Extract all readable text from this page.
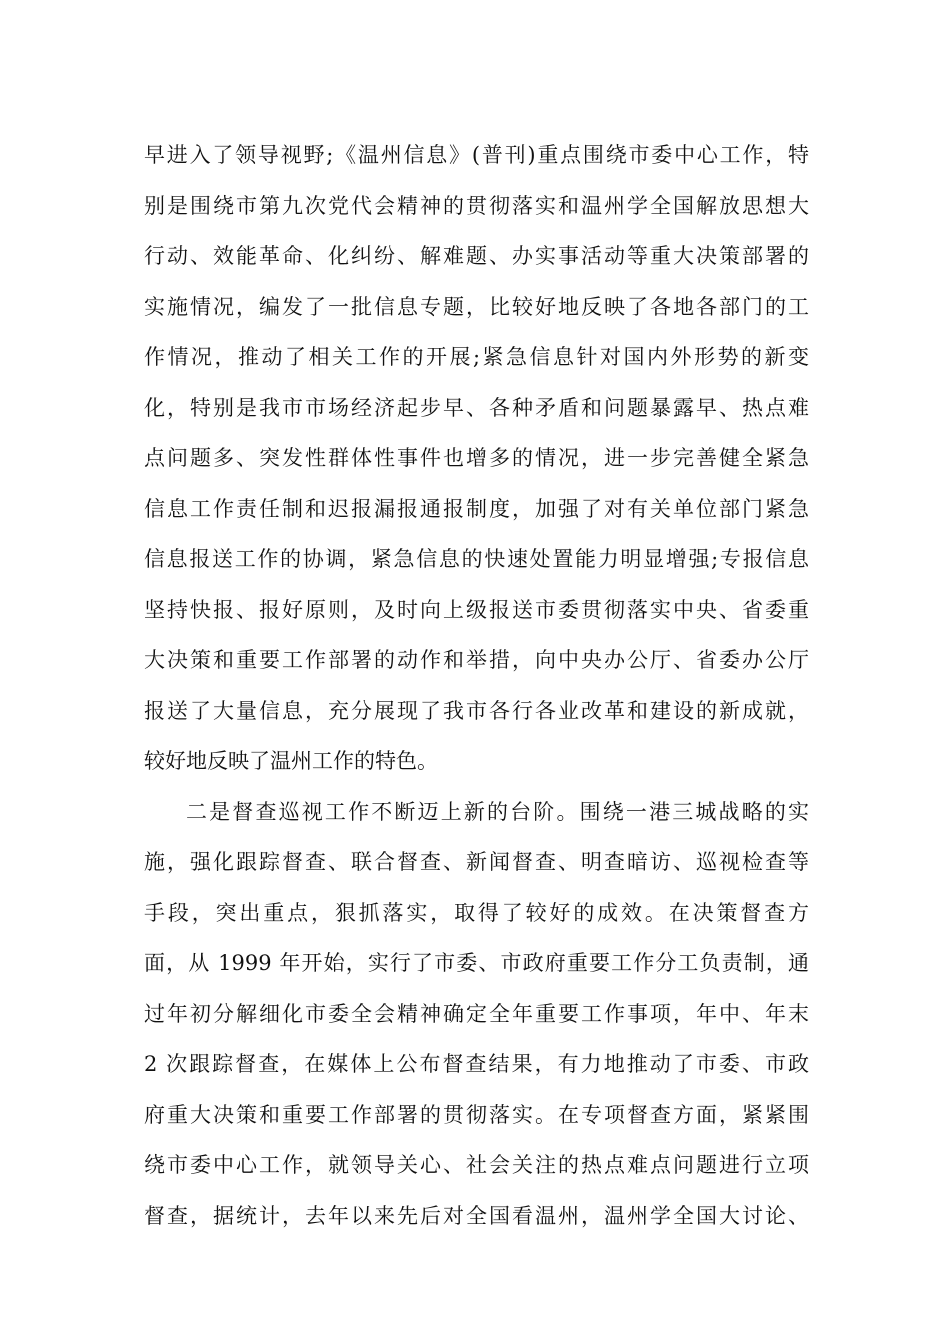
早进入了领导视野;《温州信息》(普刊)重点围绕市委中心工作，特
别是围绕市第九次党代会精神的贯彻落实和温州学全国解放思想大
行动、效能革命、化纠纷、解难题、办实事活动等重大决策部署的
实施情况，编发了一批信息专题，比较好地反映了各地各部门的工
作情况，推动了相关工作的开展;紧急信息针对国内外形势的新变
化，特别是我市市场经济起步早、各种矛盾和问题暴露早、热点难
点问题多、突发性群体性事件也增多的情况，进一步完善健全紧急
信息工作责任制和迟报漏报通报制度，加强了对有关单位部门紧急
信息报送工作的协调，紧急信息的快速处置能力明显增强;专报信息
坚持快报、报好原则，及时向上级报送市委贯彻落实中央、省委重
大决策和重要工作部署的动作和举措，向中央办公厅、省委办公厅
报送了大量信息，充分展现了我市各行各业改革和建设的新成就，
较好地反映了温州工作的特色。
二是督查巡视工作不断迈上新的台阶。围绕一港三城战略的实
施，强化跟踪督查、联合督查、新闻督查、明查暗访、巡视检查等
手段，突出重点，狠抓落实，取得了较好的成效。在决策督查方
面，从 1999 年开始，实行了市委、市政府重要工作分工负责制，通
过年初分解细化市委全会精神确定全年重要工作事项，年中、年末
2 次跟踪督查，在媒体上公布督查结果，有力地推动了市委、市政
府重大决策和重要工作部署的贯彻落实。在专项督查方面，紧紧围
绕市委中心工作，就领导关心、社会关注的热点难点问题进行立项
督查，据统计，去年以来先后对全国看温州，温州学全国大讨论、
